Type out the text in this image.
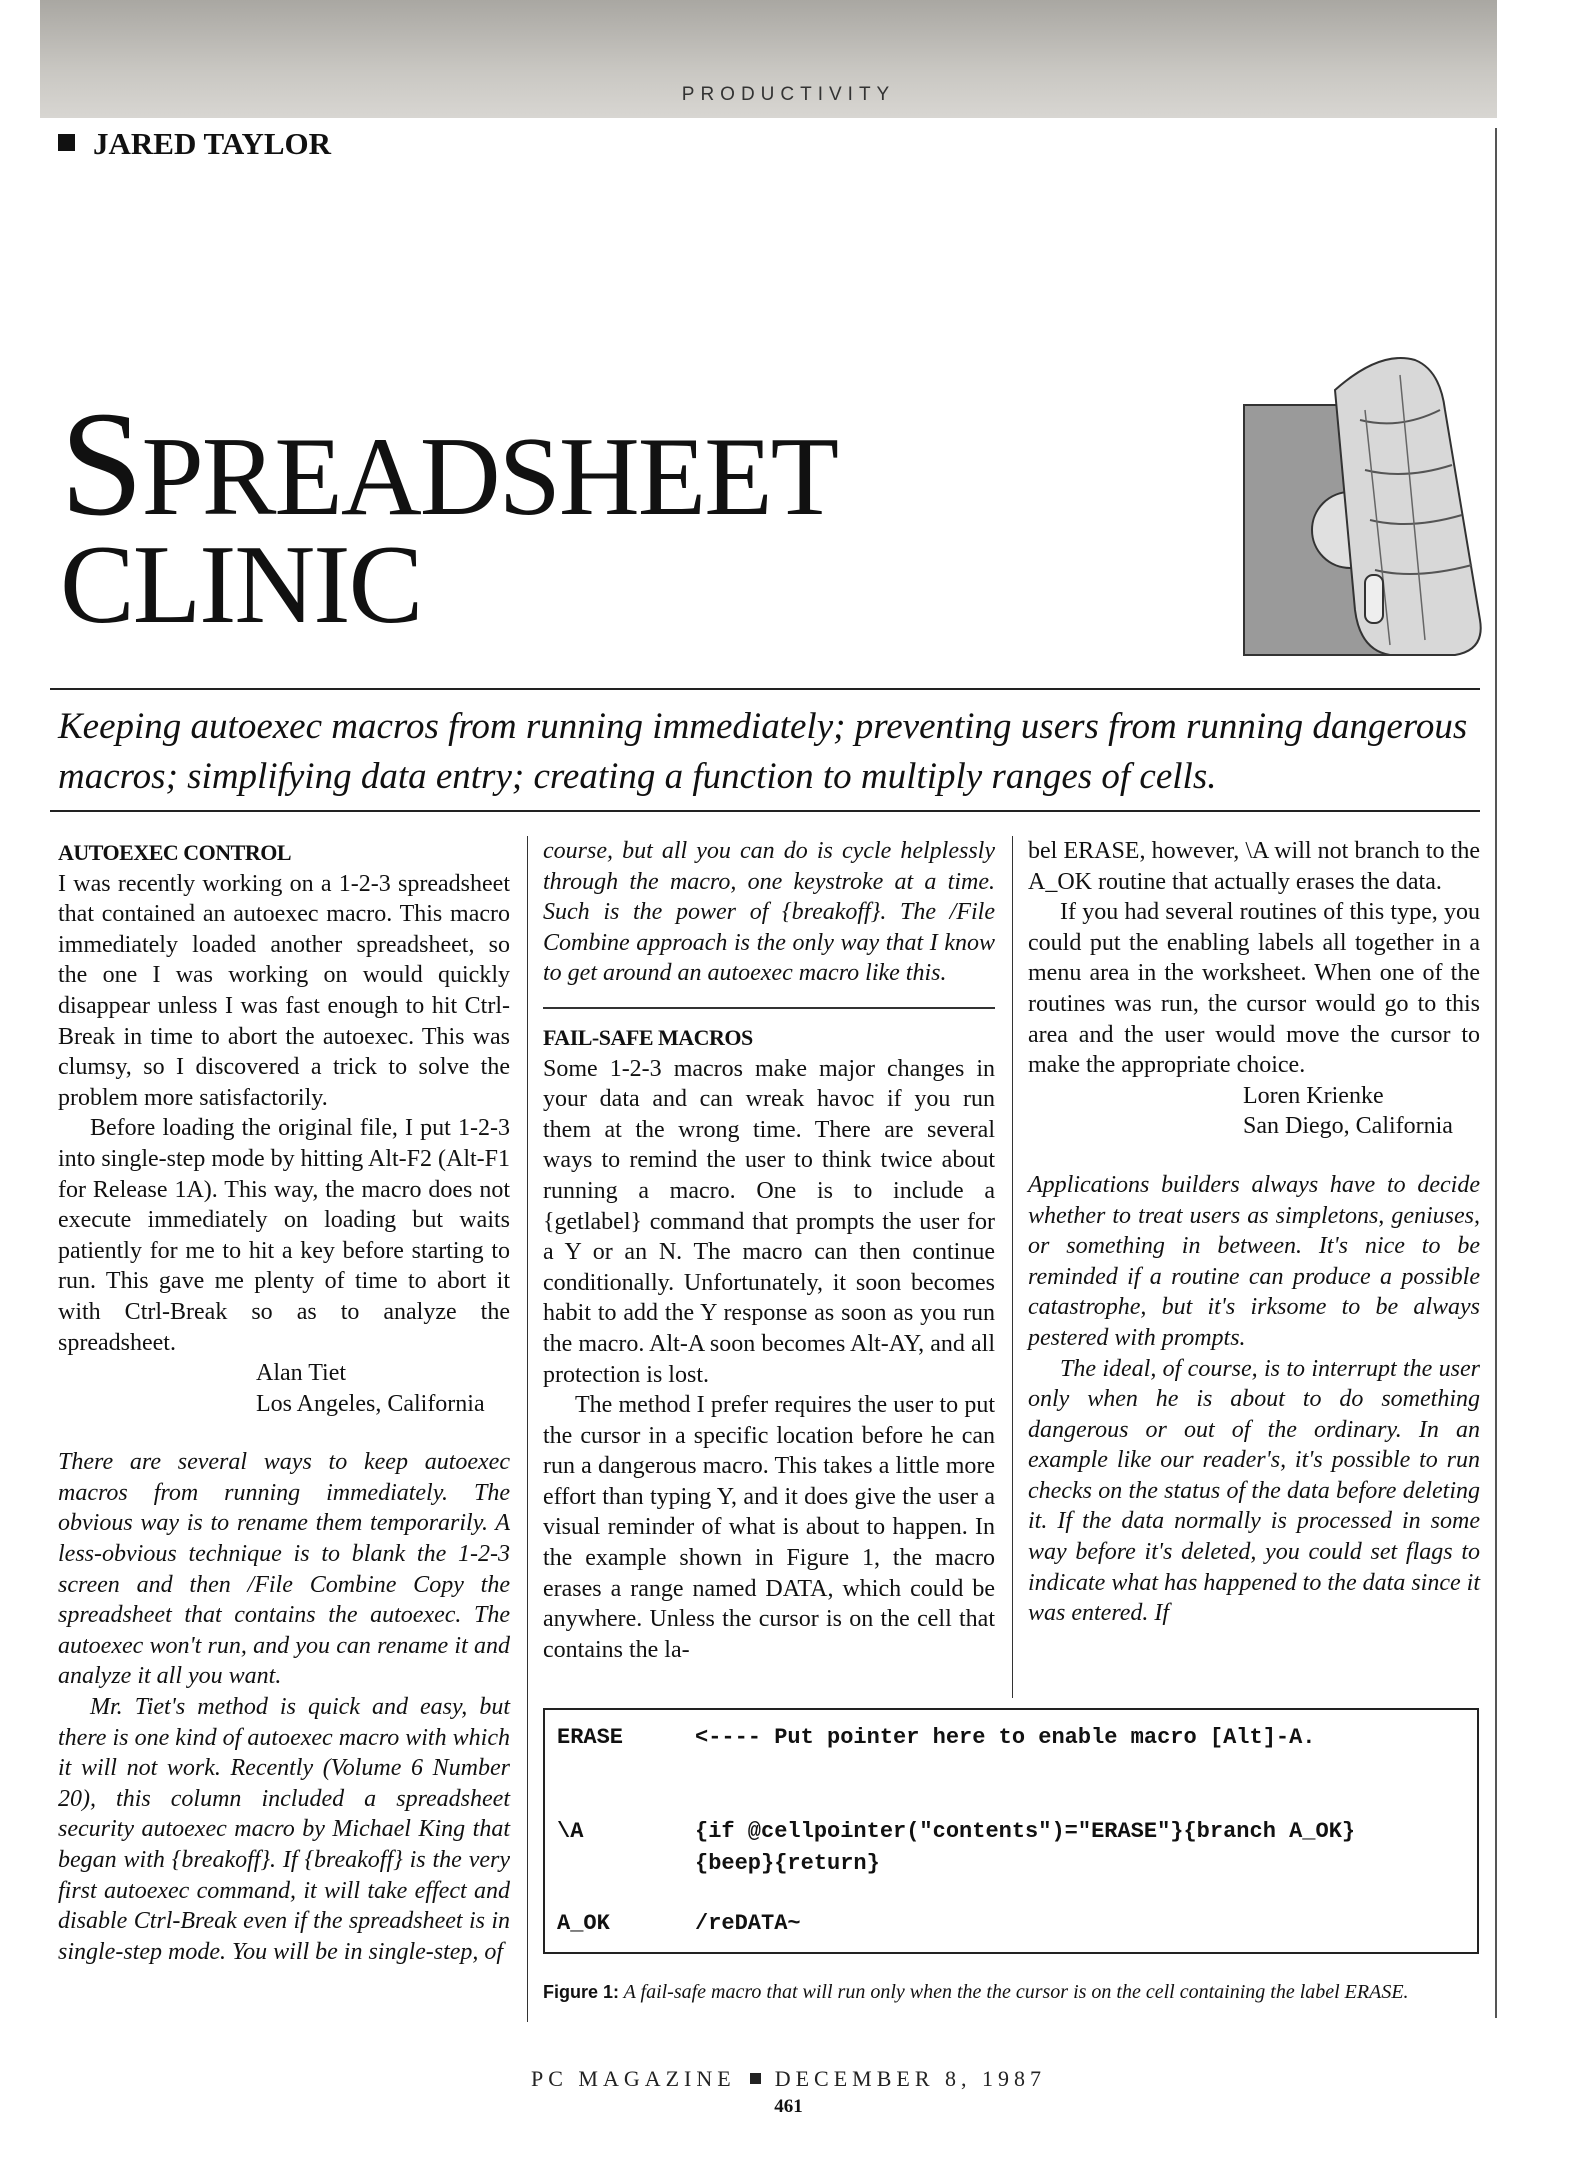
PRODUCTIVITY
JARED TAYLOR
SPREADSHEET
CLINIC
Keeping autoexec macros from running immediately; preventing users from running dangerous macros; simplifying data entry; creating a function to multiply ranges of cells.

AUTOEXEC CONTROL

I was recently working on a 1-2-3 spreadsheet that contained an autoexec macro. This macro immediately loaded another spreadsheet, so the one I was working on would quickly disappear unless I was fast enough to hit Ctrl-Break in time to abort the autoexec. This was clumsy, so I discovered a trick to solve the problem more satisfactorily.

Before loading the original file, I put 1-2-3 into single-step mode by hitting Alt-F2 (Alt-F1 for Release 1A). This way, the macro does not execute immediately on loading but waits patiently for me to hit a key before starting to run. This gave me plenty of time to abort it with Ctrl-Break so as to analyze the spreadsheet.

Alan Tiet

Los Angeles, California

There are several ways to keep autoexec macros from running immediately. The obvious way is to rename them temporarily. A less-obvious technique is to blank the 1-2-3 screen and then /File Combine Copy the spreadsheet that contains the autoexec. The autoexec won't run, and you can rename it and analyze it all you want.

Mr. Tiet's method is quick and easy, but there is one kind of autoexec macro with which it will not work. Recently (Volume 6 Number 20), this column included a spreadsheet security autoexec macro by Michael King that began with {breakoff}. If {breakoff} is the very first autoexec command, it will take effect and disable Ctrl-Break even if the spreadsheet is in single-step mode. You will be in single-step, of

course, but all you can do is cycle helplessly through the macro, one keystroke at a time. Such is the power of {breakoff}. The /File Combine approach is the only way that I know to get around an autoexec macro like this.

FAIL-SAFE MACROS

Some 1-2-3 macros make major changes in your data and can wreak havoc if you run them at the wrong time. There are several ways to remind the user to think twice about running a macro. One is to include a {getlabel} command that prompts the user for a Y or an N. The macro can then continue conditionally. Unfortunately, it soon becomes habit to add the Y response as soon as you run the macro. Alt-A soon becomes Alt-AY, and all protection is lost.

The method I prefer requires the user to put the cursor in a specific location before he can run a dangerous macro. This takes a little more effort than typing Y, and it does give the user a visual reminder of what is about to happen. In the example shown in Figure 1, the macro erases a range named DATA, which could be anywhere. Unless the cursor is on the cell that contains the la-

bel ERASE, however, \A will not branch to the A_OK routine that actually erases the data.

If you had several routines of this type, you could put the enabling labels all together in a menu area in the worksheet. When one of the routines was run, the cursor would go to this area and the user would move the cursor to make the appropriate choice.

Loren Krienke

San Diego, California

Applications builders always have to decide whether to treat users as simpletons, geniuses, or something in between. It's nice to be reminded if a routine can produce a possible catastrophe, but it's irksome to be always pestered with prompts.

The ideal, of course, is to interrupt the user only when he is about to do something dangerous or out of the ordinary. In an example like our reader's, it's possible to run checks on the status of the data before deleting it. If the data normally is processed in some way before it's deleted, you could set flags to indicate what has happened to the data since it was entered. If

ERASE	<---- Put pointer here to enable macro [Alt]-A.
\A	{if @cellpointer("contents")="ERASE"}{branch A_OK}
{beep}{return}
A_OK	/reDATA~
Figure 1: A fail-safe macro that will run only when the the cursor is on the cell containing the label ERASE.
PC MAGAZINE DECEMBER 8, 1987
461
